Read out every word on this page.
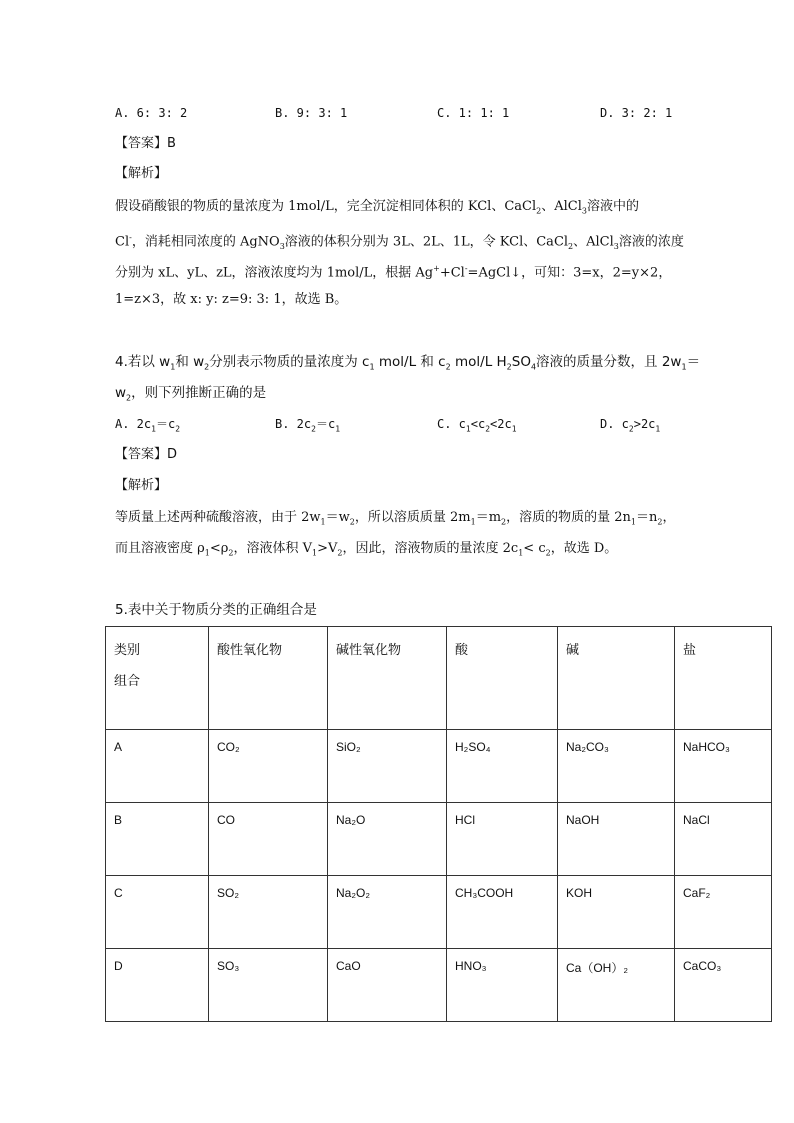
A. 6: 3: 2	B. 9: 3: 1	C. 1: 1: 1	D. 3: 2: 1
【答案】B
【解析】
假设硝酸银的物质的量浓度为 1mol/L，完全沉淀相同体积的 KCl、CaCl$_2$、AlCl$_3$溶液中的
Cl-，消耗相同浓度的 AgNO$_3$溶液的体积分别为 3L、2L、1L，令 KCl、CaCl$_2$、AlCl$_3$溶液的浓度
分别为 xL、yL、zL，溶液浓度均为 1mol/L，根据 Ag++Cl-=AgCl↓，可知：3=x，2=y×2，
1=z×3，故 x: y: z=9: 3: 1，故选 B。
4.若以 $w_1$和 $w_2$分别表示物质的量浓度为 $c_1$ mol/L 和 $c_2$ mol/L $H_2SO_4$溶液的质量分数，且 $2w_1=$
$w_2$，则下列推断正确的是
A. $2c_1=c_2$	B. $2c_2=c_1$	C. $c_1<c_2<2c_1$	D. $c_2>2c_1$
【答案】D
【解析】
等质量上述两种硫酸溶液，由于 $2w_1=w_2$，所以溶质质量 $2m_1=m_2$，溶质的物质的量 $2n_1=n_2$，
而且溶液密度 $\rho_1<\rho_2$，溶液体积 $V_1>V_2$，因此，溶液物质的量浓度 $2c_1< c_2$，故选 D。
5.表中关于物质分类的正确组合是
类别
组合	酸性氧化物	碱性氧化物	酸	碱	盐
A	CO₂	SiO₂	H₂SO₄	Na₂CO₃	NaHCO₃
B	CO	Na₂O	HCl	NaOH	NaCl
C	SO₂	Na₂O₂	CH₃COOH	KOH	CaF₂
D	SO₃	CaO	HNO₃	Ca（OH）₂	CaCO₃
